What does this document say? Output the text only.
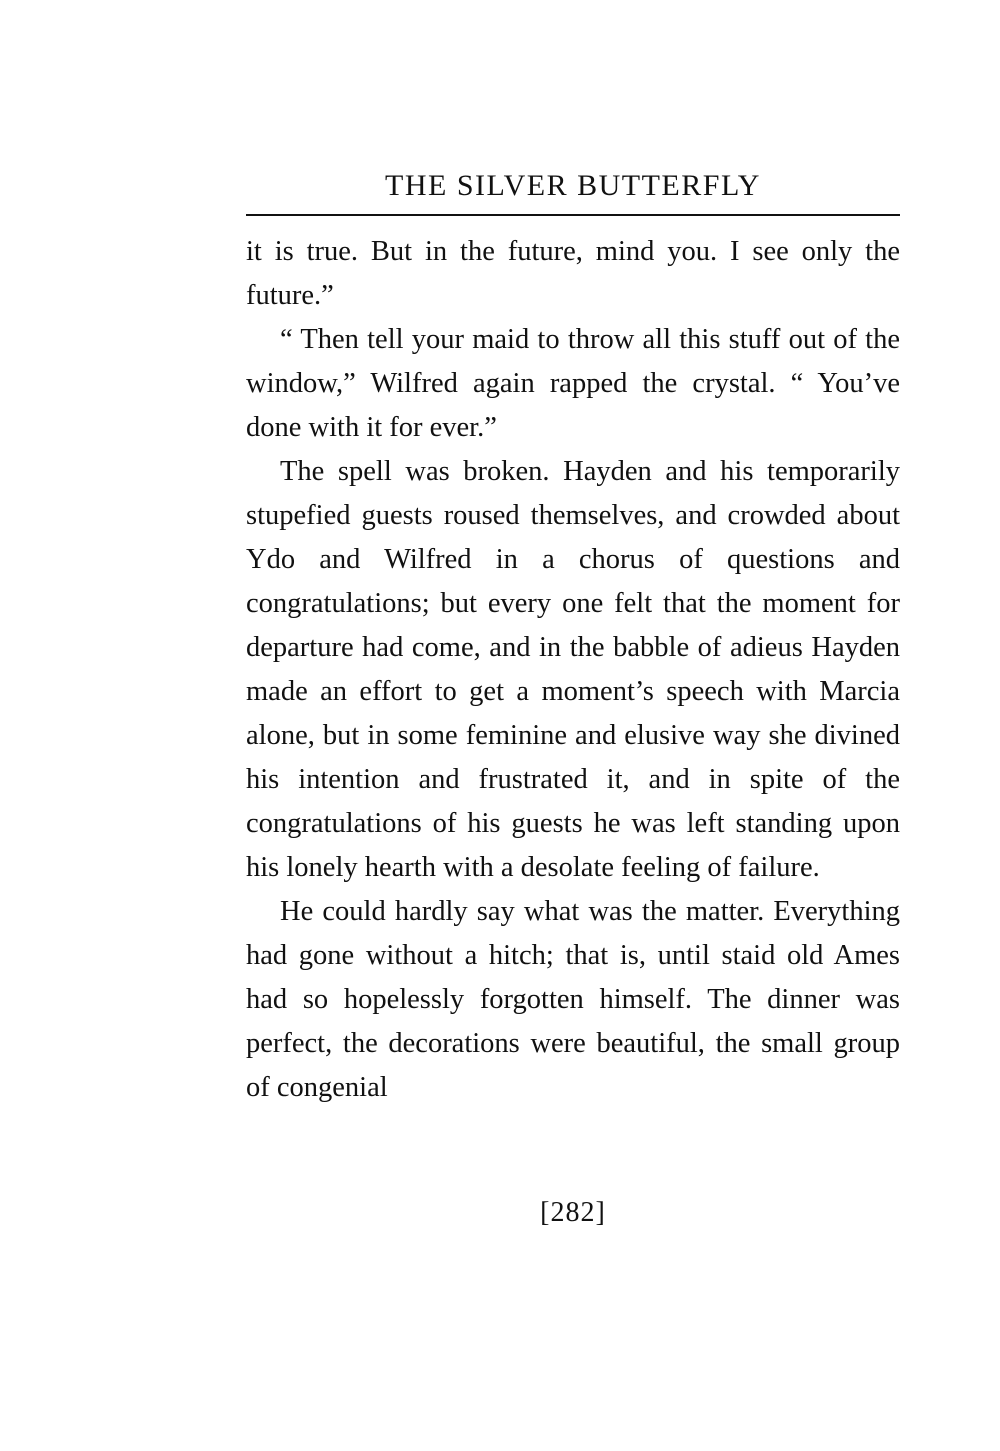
THE SILVER BUTTERFLY

it is true. But in the future, mind you. I see only the future.”

“ Then tell your maid to throw all this stuff out of the window,” Wilfred again rapped the crystal. “ You’ve done with it for ever.”

The spell was broken. Hayden and his temporarily stupefied guests roused themselves, and crowded about Ydo and Wilfred in a chorus of questions and congratulations; but every one felt that the moment for departure had come, and in the babble of adieus Hayden made an effort to get a moment’s speech with Marcia alone, but in some feminine and elusive way she divined his intention and frustrated it, and in spite of the congratulations of his guests he was left standing upon his lonely hearth with a desolate feeling of failure.

He could hardly say what was the matter. Everything had gone without a hitch; that is, until staid old Ames had so hopelessly forgotten himself. The dinner was perfect, the decorations were beautiful, the small group of congenial

[282]
